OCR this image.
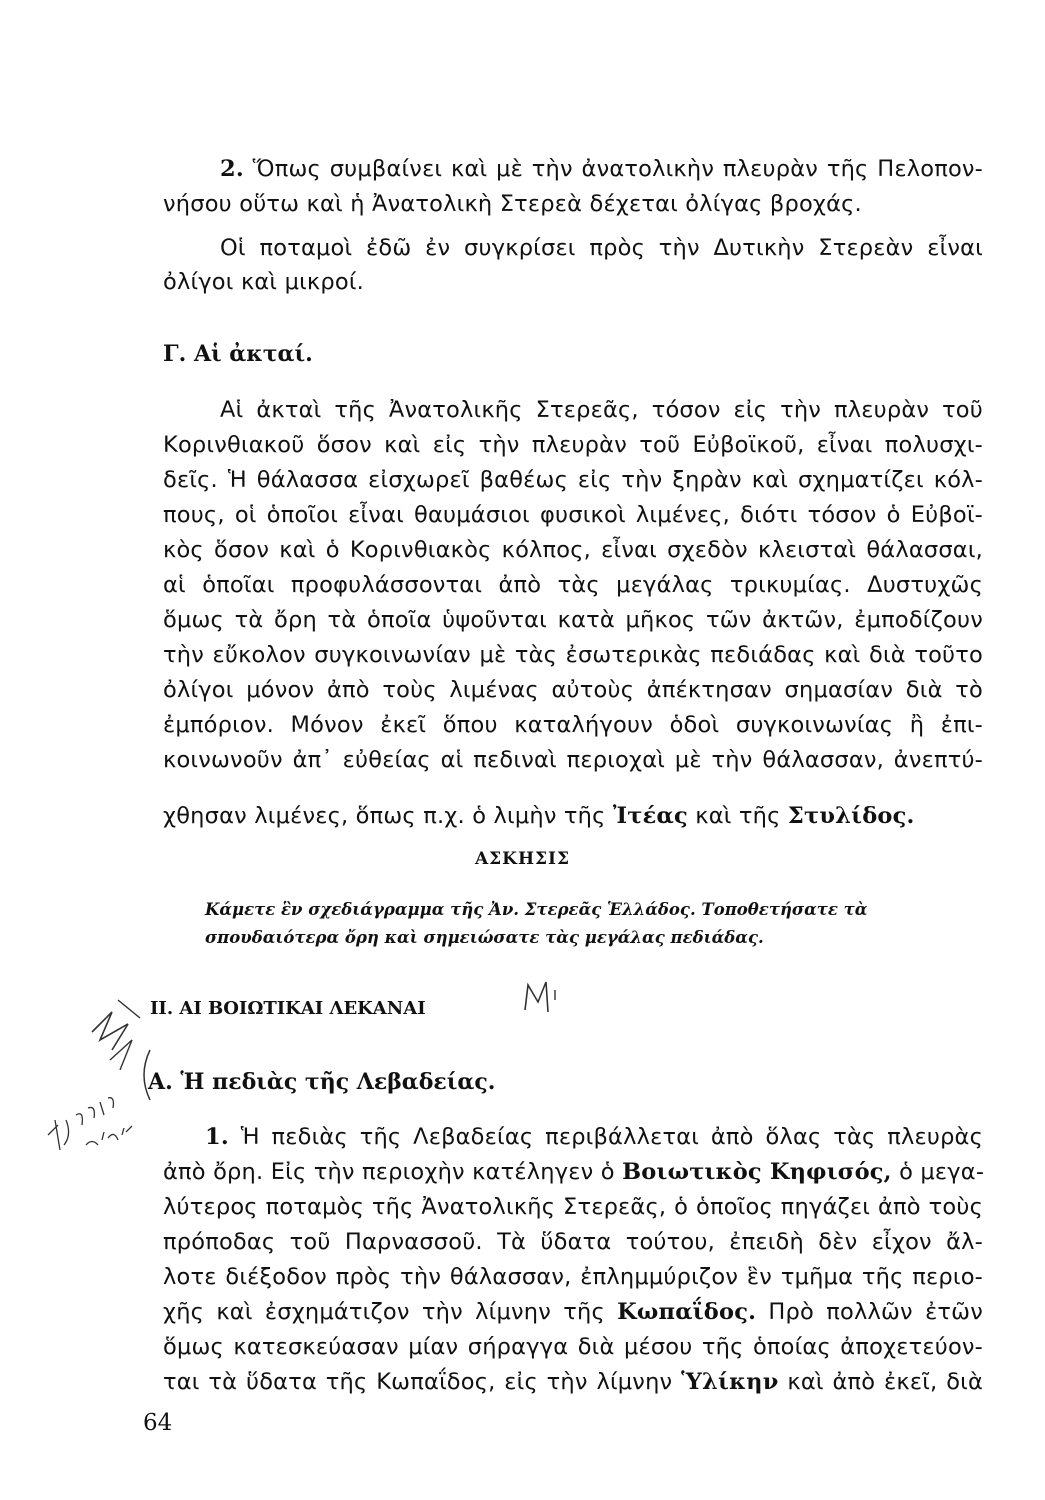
2. Ὅπως συμβαίνει καὶ μὲ τὴν ἀνατολικὴν πλευρὰν τῆς Πελοπον-
νήσου οὕτω καὶ ἡ Ἀνατολικὴ Στερεὰ δέχεται ὀλίγας βροχάς.
Οἱ ποταμοὶ ἐδῶ ἐν συγκρίσει πρὸς τὴν Δυτικὴν Στερεὰν εἶναι
ὀλίγοι καὶ μικροί.
Γ. Αἱ ἀκταί.
Αἱ ἀκταὶ τῆς Ἀνατολικῆς Στερεᾶς, τόσον εἰς τὴν πλευρὰν τοῦ
Κορινθιακοῦ ὅσον καὶ εἰς τὴν πλευρὰν τοῦ Εὐβοϊκοῦ, εἶναι πολυσχι-
δεῖς. Ἡ θάλασσα εἰσχωρεῖ βαθέως εἰς τὴν ξηρὰν καὶ σχηματίζει κόλ-
πους, οἱ ὁποῖοι εἶναι θαυμάσιοι φυσικοὶ λιμένες, διότι τόσον ὁ Εὐβοϊ-
κὸς ὅσον καὶ ὁ Κορινθιακὸς κόλπος, εἶναι σχεδὸν κλεισταὶ θάλασσαι,
αἱ ὁποῖαι προφυλάσσονται ἀπὸ τὰς μεγάλας τρικυμίας. Δυστυχῶς
ὅμως τὰ ὄρη τὰ ὁποῖα ὑψοῦνται κατὰ μῆκος τῶν ἀκτῶν, ἐμποδίζουν
τὴν εὔκολον συγκοινωνίαν μὲ τὰς ἐσωτερικὰς πεδιάδας καὶ διὰ τοῦτο
ὀλίγοι μόνον ἀπὸ τοὺς λιμένας αὐτοὺς ἀπέκτησαν σημασίαν διὰ τὸ
ἐμπόριον. Μόνον ἐκεῖ ὅπου καταλήγουν ὁδοὶ συγκοινωνίας ἢ ἐπι-
κοινωνοῦν ἀπ᾽ εὐθείας αἱ πεδιναὶ περιοχαὶ μὲ τὴν θάλασσαν, ἀνεπτύ-
χθησαν λιμένες, ὅπως π.χ. ὁ λιμὴν τῆς Ἰτέας καὶ τῆς Στυλίδος.
ΑΣΚΗΣΙΣ
Κάμετε ἓν σχεδιάγραμμα τῆς Ἀν. Στερεᾶς Ἑλλάδος. Τοποθετήσατε τὰ
σπουδαιότερα ὄρη καὶ σημειώσατε τὰς μεγάλας πεδιάδας.
II. ΑΙ ΒΟΙΩΤΙΚΑΙ ΛΕΚΑΝΑΙ
Α. Ἡ πεδιὰς τῆς Λεβαδείας.
1. Ἡ πεδιὰς τῆς Λεβαδείας περιβάλλεται ἀπὸ ὅλας τὰς πλευρὰς
ἀπὸ ὄρη. Εἰς τὴν περιοχὴν κατέληγεν ὁ Βοιωτικὸς Κηφισός, ὁ μεγα-
λύτερος ποταμὸς τῆς Ἀνατολικῆς Στερεᾶς, ὁ ὁποῖος πηγάζει ἀπὸ τοὺς
πρόποδας τοῦ Παρνασσοῦ. Τὰ ὕδατα τούτου, ἐπειδὴ δὲν εἶχον ἄλ-
λοτε διέξοδον πρὸς τὴν θάλασσαν, ἐπλημμύριζον ἓν τμῆμα τῆς περιο-
χῆς καὶ ἐσχημάτιζον τὴν λίμνην τῆς Κωπαΐδος. Πρὸ πολλῶν ἐτῶν
ὅμως κατεσκεύασαν μίαν σήραγγα διὰ μέσου τῆς ὁποίας ἀποχετεύον-
ται τὰ ὕδατα τῆς Κωπαΐδος, εἰς τὴν λίμνην Ὑλίκην καὶ ἀπὸ ἐκεῖ, διὰ
64
